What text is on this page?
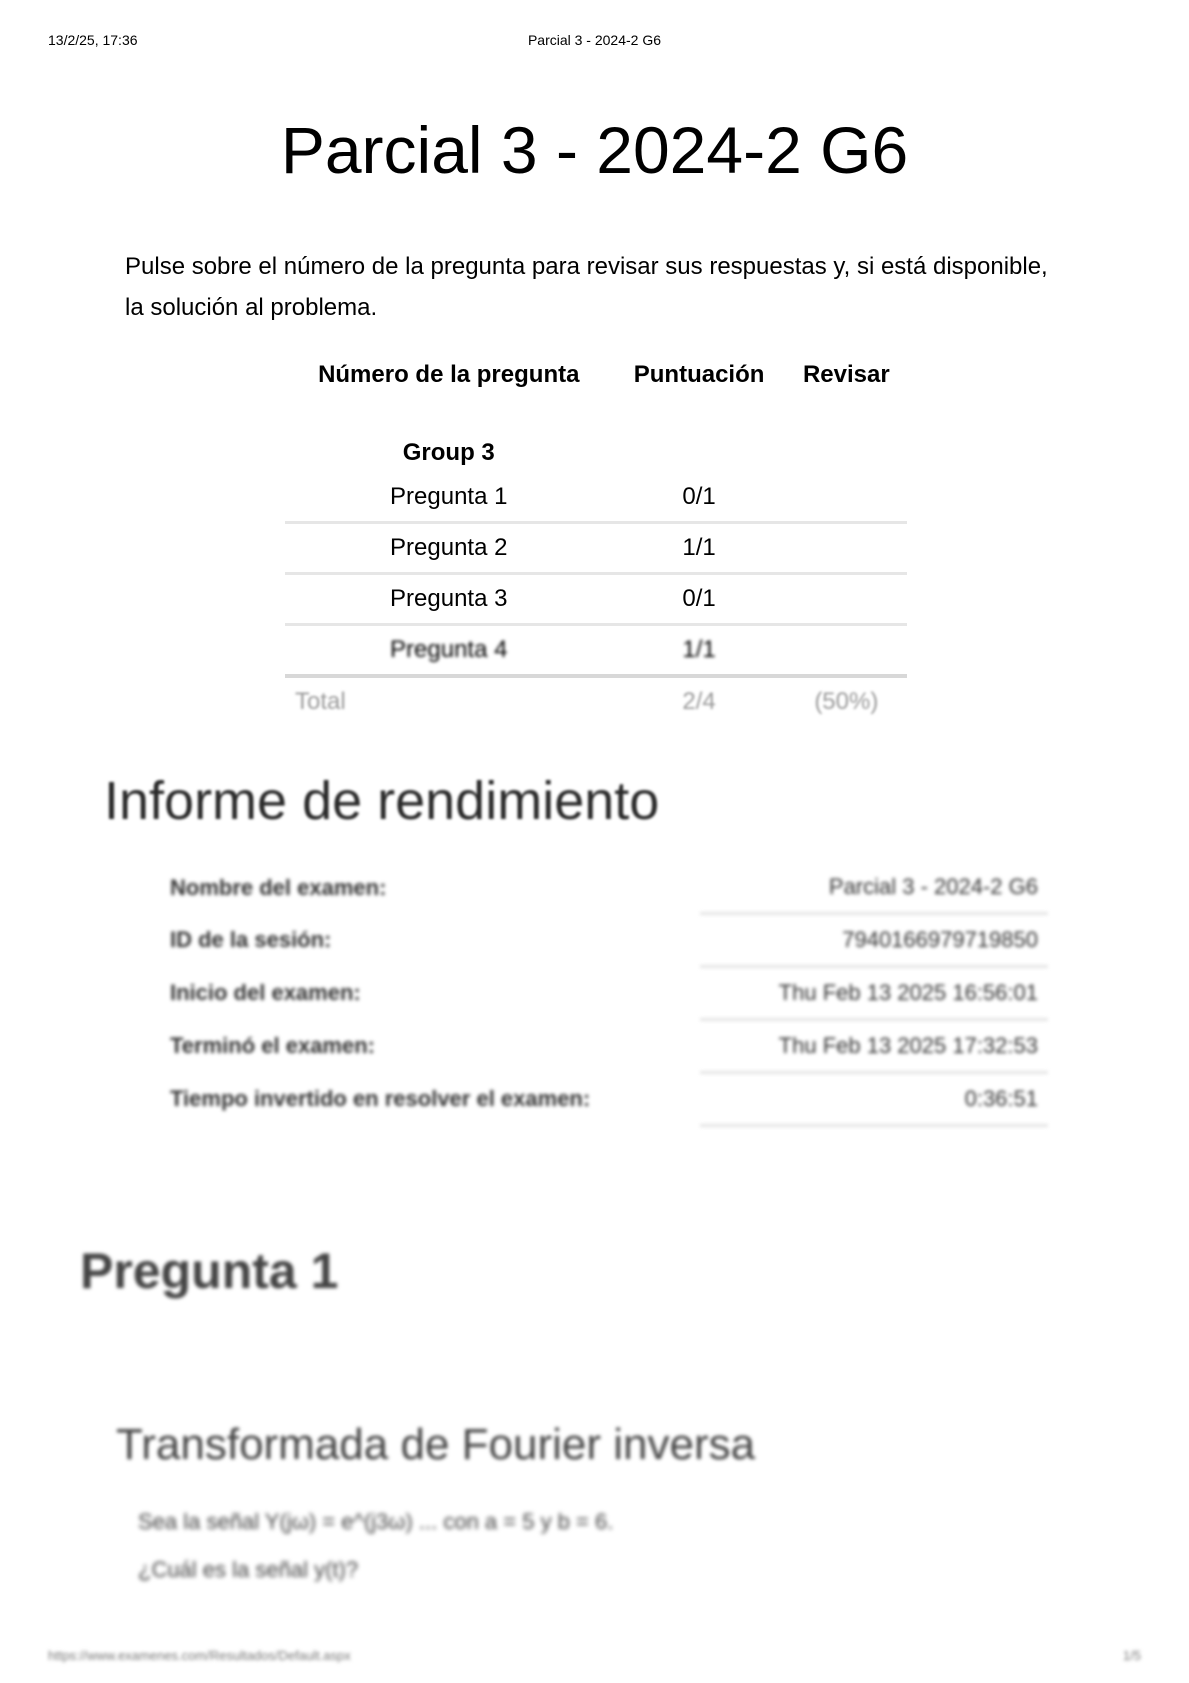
13/2/25, 17:36	Parcial 3 - 2024-2 G6
Parcial 3 - 2024-2 G6

Pulse sobre el número de la pregunta para revisar sus respuestas y, si está disponible, la solución al problema.

Número de la pregunta	Puntuación	Revisar
Group 3		
Pregunta 1	0/1	
Pregunta 2	1/1	
Pregunta 3	0/1	
Pregunta 4	1/1	
Total	2/4	(50%)
Informe de rendimiento
Nombre del examen:	Parcial 3 - 2024-2 G6
ID de la sesión:	7940166979719850
Inicio del examen:	Thu Feb 13 2025 16:56:01
Terminó el examen:	Thu Feb 13 2025 17:32:53
Tiempo invertido en resolver el examen:	0:36:51
Pregunta 1
Transformada de Fourier inversa
Sea la señal Y(jω) = e^(j3ω) ... con a = 5 y b = 6.
¿Cuál es la señal y(t)?
https://www.examenes.com/Resultados/Default.aspx	1/5
